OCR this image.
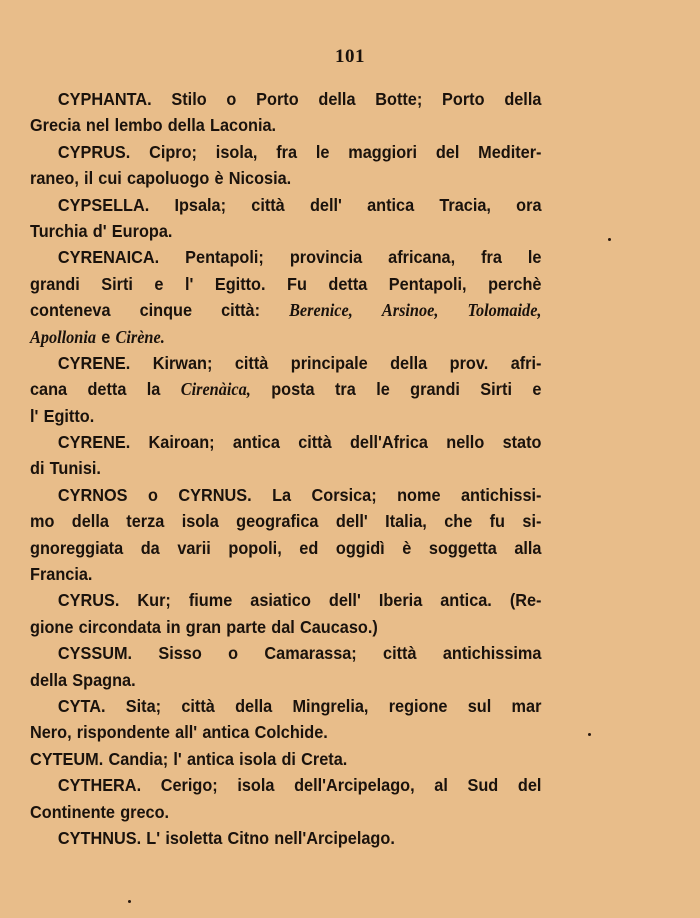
101
CYPHANTA. Stilo o Porto della Botte; Porto della
Grecia nel lembo della Laconia.
CYPRUS. Cipro; isola, fra le maggiori del Mediter-
raneo, il cui capoluogo è Nicosia.
CYPSELLA. Ipsala; città dell' antica Tracia, ora
Turchia d' Europa.
CYRENAICA. Pentapoli; provincia africana, fra le
grandi Sirti e l' Egitto. Fu detta Pentapoli, perchè
conteneva cinque città: Berenice, Arsinoe, Tolomaide,
Apollonia e Cirène.
CYRENE. Kirwan; città principale della prov. afri-
cana detta la Cirenàica, posta tra le grandi Sirti e
l' Egitto.
CYRENE. Kairoan; antica città dell'Africa nello stato
di Tunisi.
CYRNOS o CYRNUS. La Corsica; nome antichissi-
mo della terza isola geografica dell' Italia, che fu si-
gnoreggiata da varii popoli, ed oggidì è soggetta alla
Francia.
CYRUS. Kur; fiume asiatico dell' Iberia antica. (Re-
gione circondata in gran parte dal Caucaso.)
CYSSUM. Sisso o Camarassa; città antichissima
della Spagna.
CYTA. Sita; città della Mingrelia, regione sul mar
Nero, rispondente all' antica Colchide.
CYTEUM. Candia; l' antica isola di Creta.
CYTHERA. Cerigo; isola dell'Arcipelago, al Sud del
Continente greco.
CYTHNUS. L' isoletta Citno nell'Arcipelago.
